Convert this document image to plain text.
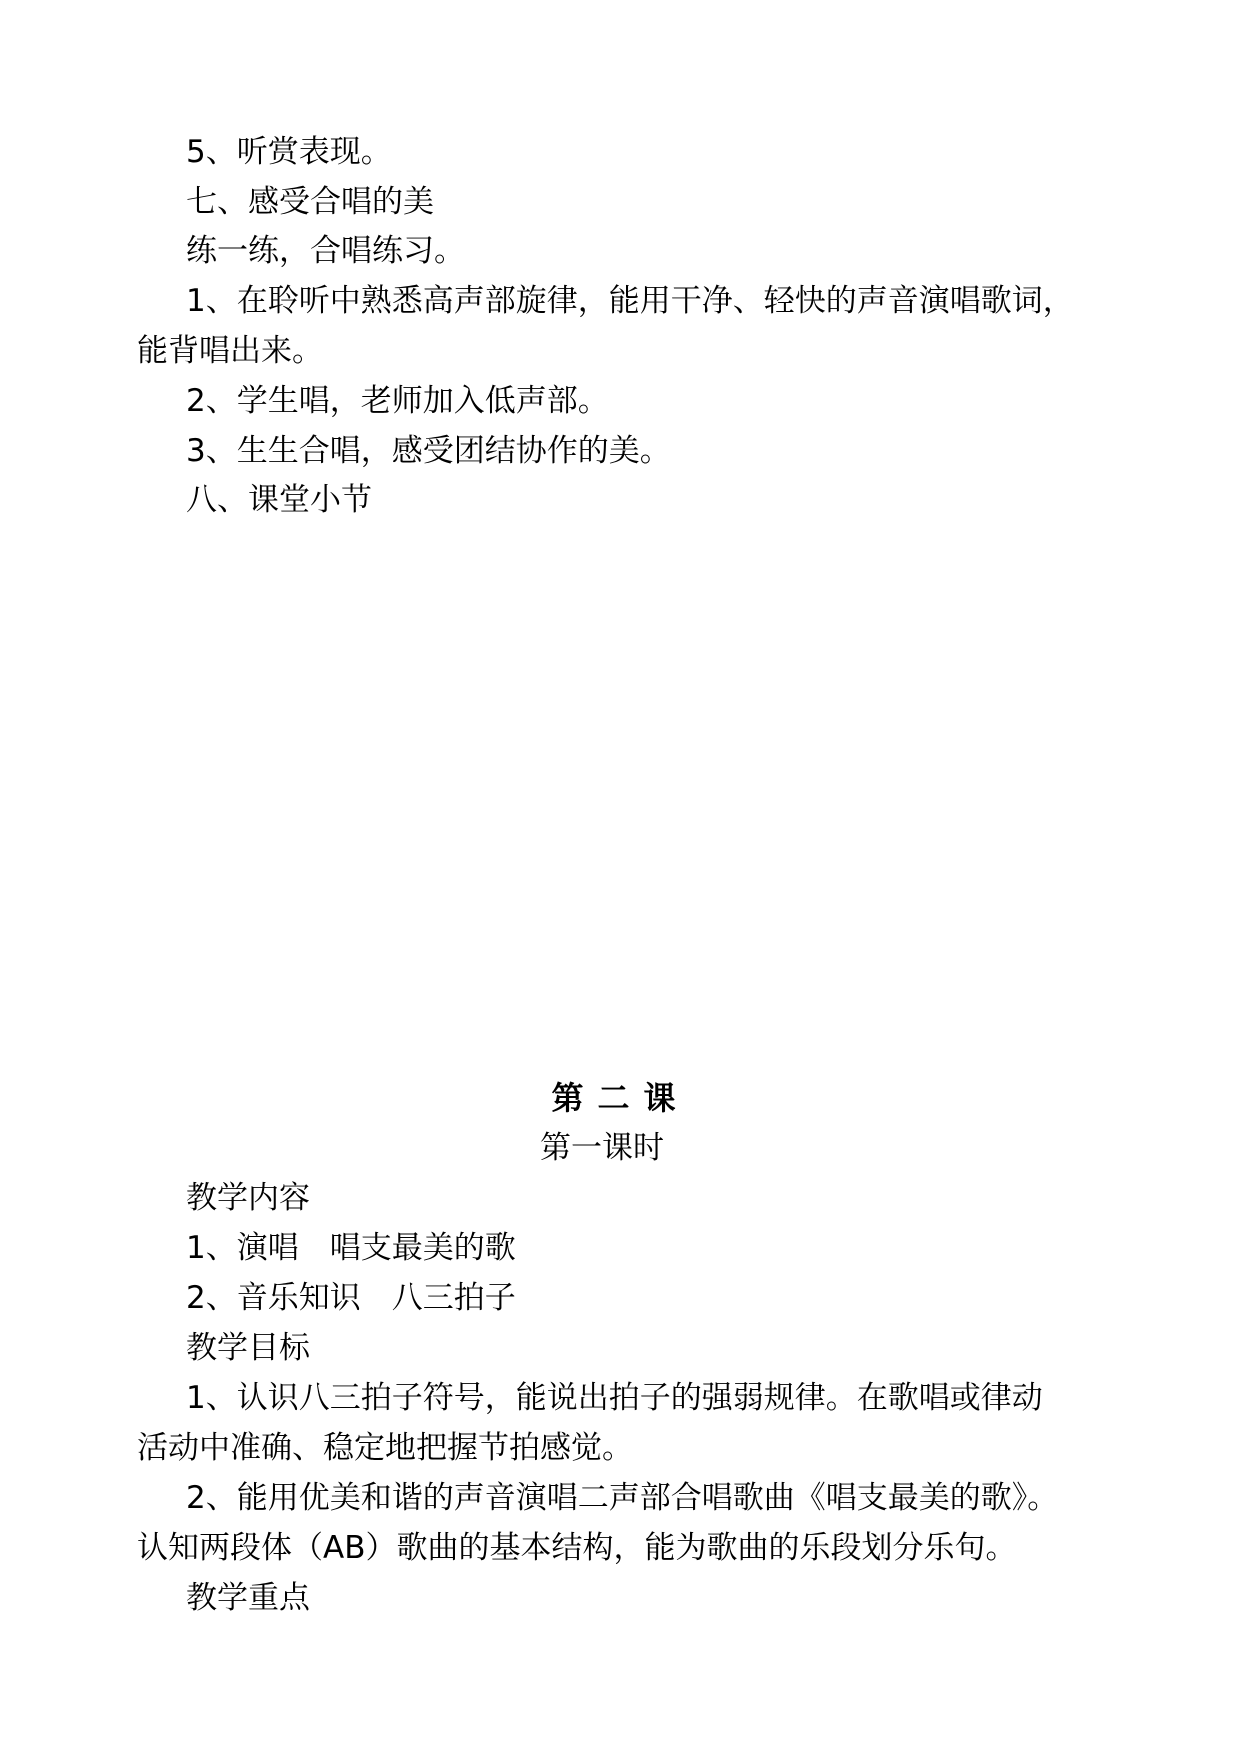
5、听赏表现。
七、感受合唱的美
练一练，合唱练习。
1、在聆听中熟悉高声部旋律，能用干净、轻快的声音演唱歌词，
能背唱出来。
2、学生唱，老师加入低声部。
3、生生合唱，感受团结协作的美。
八、课堂小节
第二课
第一课时
教学内容
1、演唱　唱支最美的歌
2、音乐知识　八三拍子
教学目标
1、认识八三拍子符号，能说出拍子的强弱规律。在歌唱或律动
活动中准确、稳定地把握节拍感觉。
2、能用优美和谐的声音演唱二声部合唱歌曲《唱支最美的歌》。
认知两段体（AB）歌曲的基本结构，能为歌曲的乐段划分乐句。
教学重点
